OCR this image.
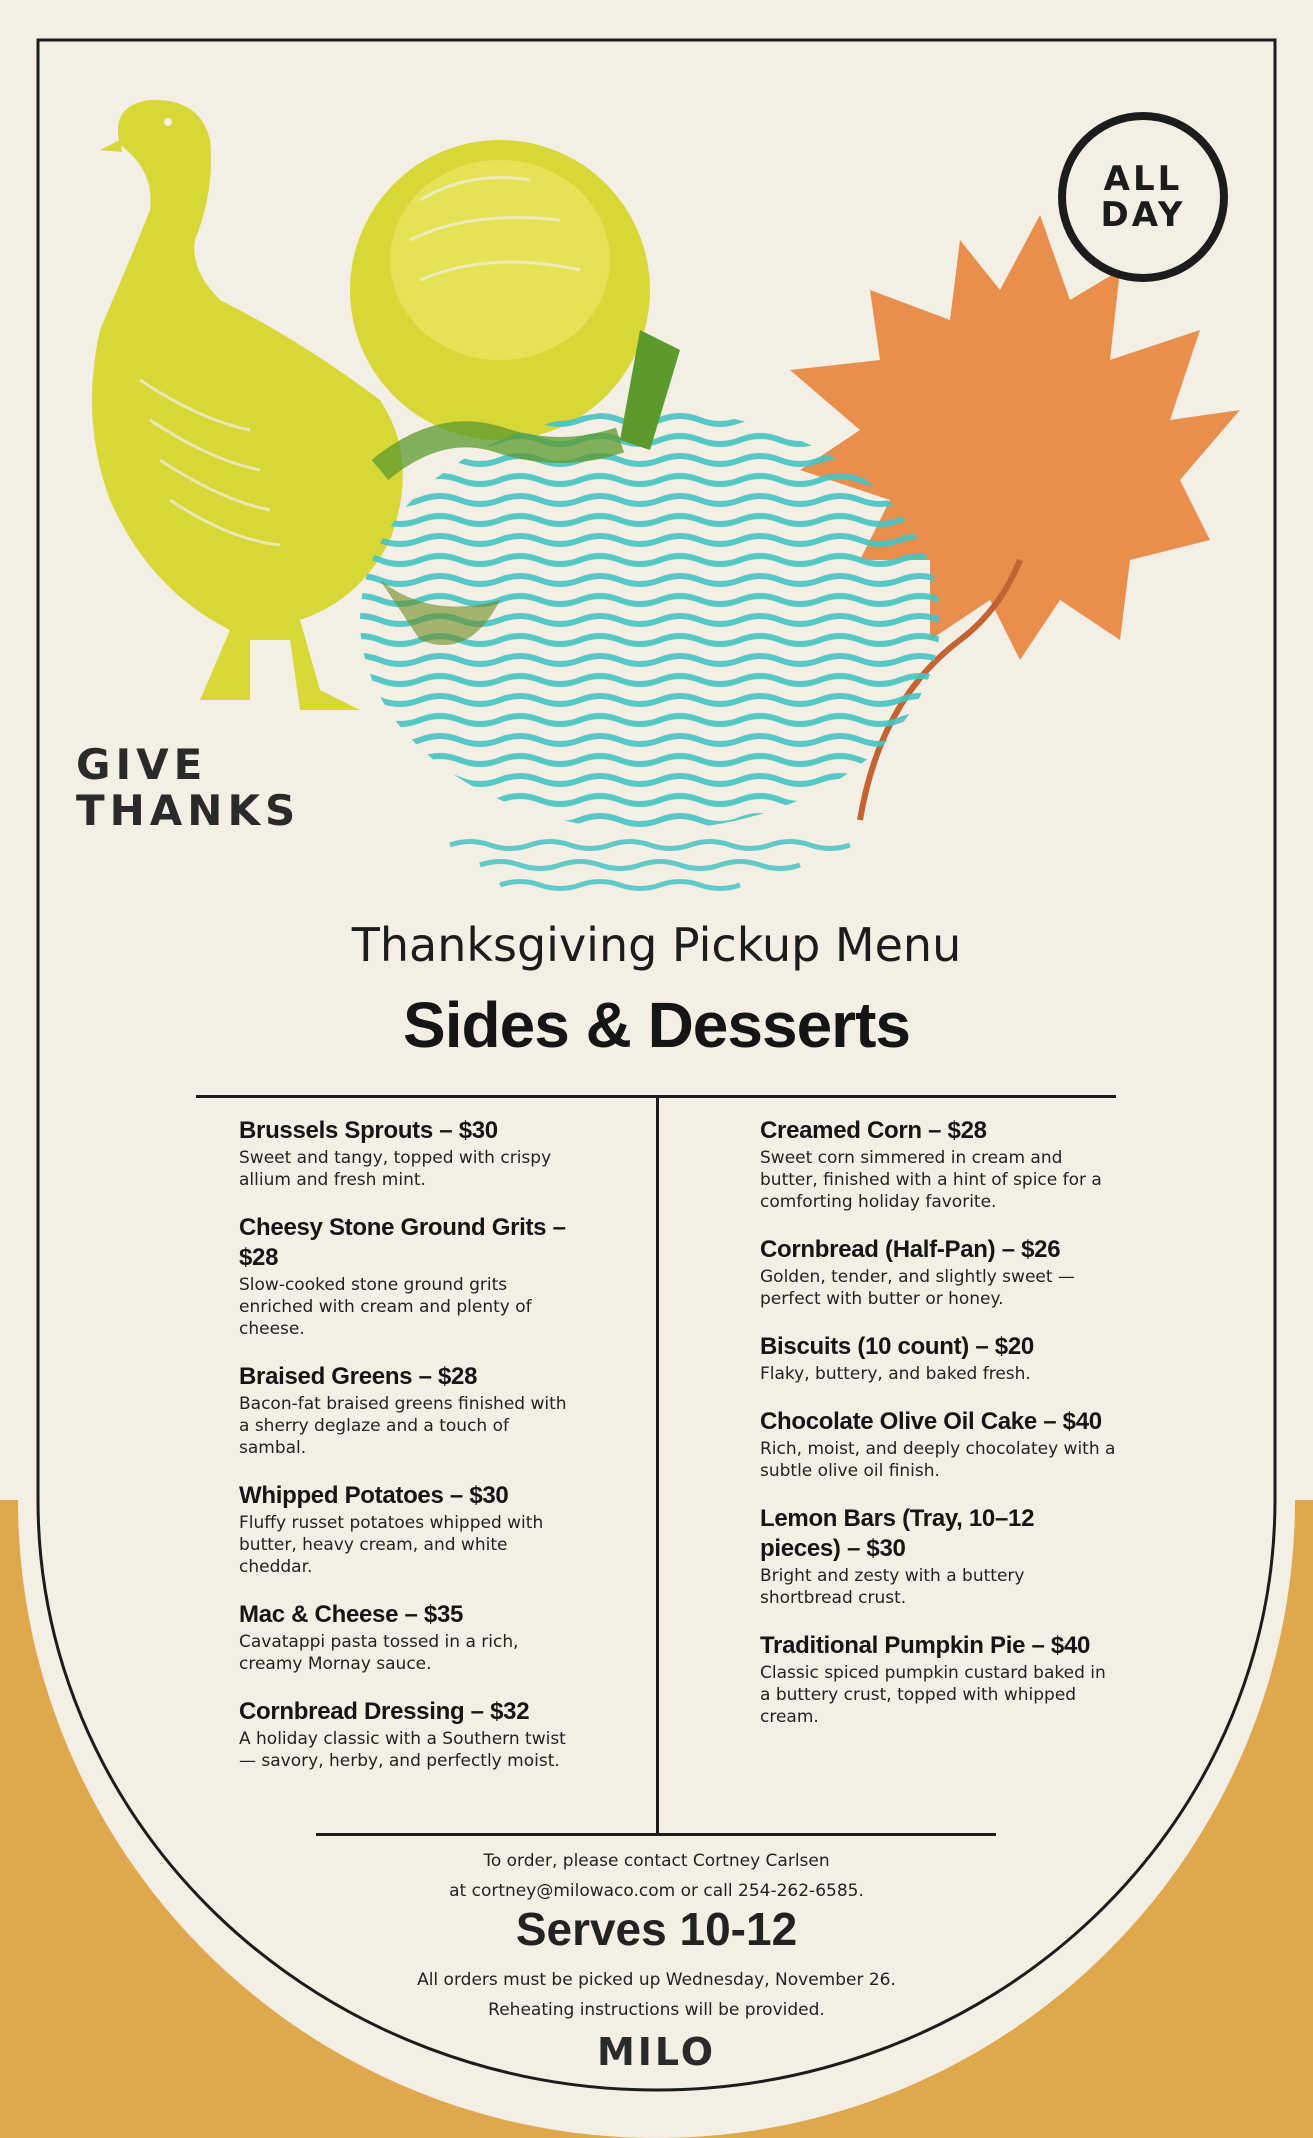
ALL
DAY
GIVE
THANKS
Thanksgiving Pickup Menu
Sides & Desserts
Brussels Sprouts – $30
Sweet and tangy, topped with crispy allium and fresh mint.
Cheesy Stone Ground Grits – $28
Slow-cooked stone ground grits enriched with cream and plenty of cheese.
Braised Greens – $28
Bacon-fat braised greens finished with a sherry deglaze and a touch of sambal.
Whipped Potatoes – $30
Fluffy russet potatoes whipped with butter, heavy cream, and white cheddar.
Mac & Cheese – $35
Cavatappi pasta tossed in a rich, creamy Mornay sauce.
Cornbread Dressing – $32
A holiday classic with a Southern twist — savory, herby, and perfectly moist.
Creamed Corn – $28
Sweet corn simmered in cream and butter, finished with a hint of spice for a comforting holiday favorite.
Cornbread (Half-Pan) – $26
Golden, tender, and slightly sweet — perfect with butter or honey.
Biscuits (10 count) – $20
Flaky, buttery, and baked fresh.
Chocolate Olive Oil Cake – $40
Rich, moist, and deeply chocolatey with a subtle olive oil finish.
Lemon Bars (Tray, 10–12 pieces) – $30
Bright and zesty with a buttery shortbread crust.
Traditional Pumpkin Pie – $40
Classic spiced pumpkin custard baked in a buttery crust, topped with whipped cream.
To order, please contact Cortney Carlsen
at cortney@milowaco.com or call 254-262-6585.
Serves 10-12
All orders must be picked up Wednesday, November 26.
Reheating instructions will be provided.
MILO
